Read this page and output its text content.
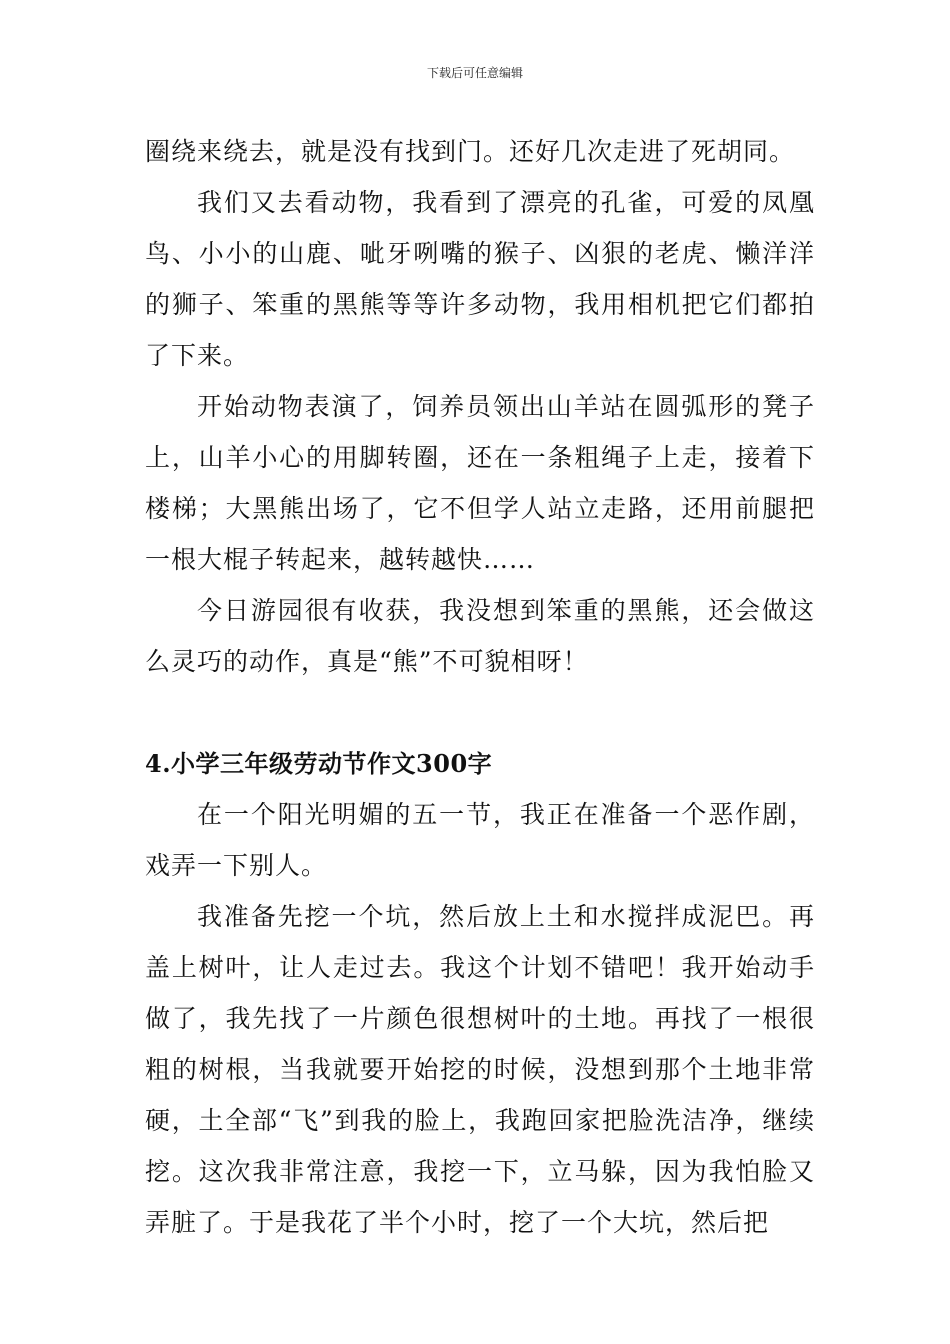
下载后可任意编辑

圈绕来绕去，就是没有找到门。还好几次走进了死胡同。

我们又去看动物，我看到了漂亮的孔雀，可爱的凤凰鸟、小小的山鹿、呲牙咧嘴的猴子、凶狠的老虎、懒洋洋的狮子、笨重的黑熊等等许多动物，我用相机把它们都拍了下来。

开始动物表演了，饲养员领出山羊站在圆弧形的凳子上，山羊小心的用脚转圈，还在一条粗绳子上走，接着下楼梯；大黑熊出场了，它不但学人站立走路，还用前腿把一根大棍子转起来，越转越快……

今日游园很有收获，我没想到笨重的黑熊，还会做这么灵巧的动作，真是“熊”不可貌相呀！

4.小学三年级劳动节作文300字

在一个阳光明媚的五一节，我正在准备一个恶作剧，戏弄一下别人。

我准备先挖一个坑，然后放上土和水搅拌成泥巴。再盖上树叶，让人走过去。我这个计划不错吧！我开始动手做了，我先找了一片颜色很想树叶的土地。再找了一根很粗的树根，当我就要开始挖的时候，没想到那个土地非常硬，土全部“飞”到我的脸上，我跑回家把脸洗洁净，继续挖。这次我非常注意，我挖一下，立马躲，因为我怕脸又弄脏了。于是我花了半个小时，挖了一个大坑，然后把
